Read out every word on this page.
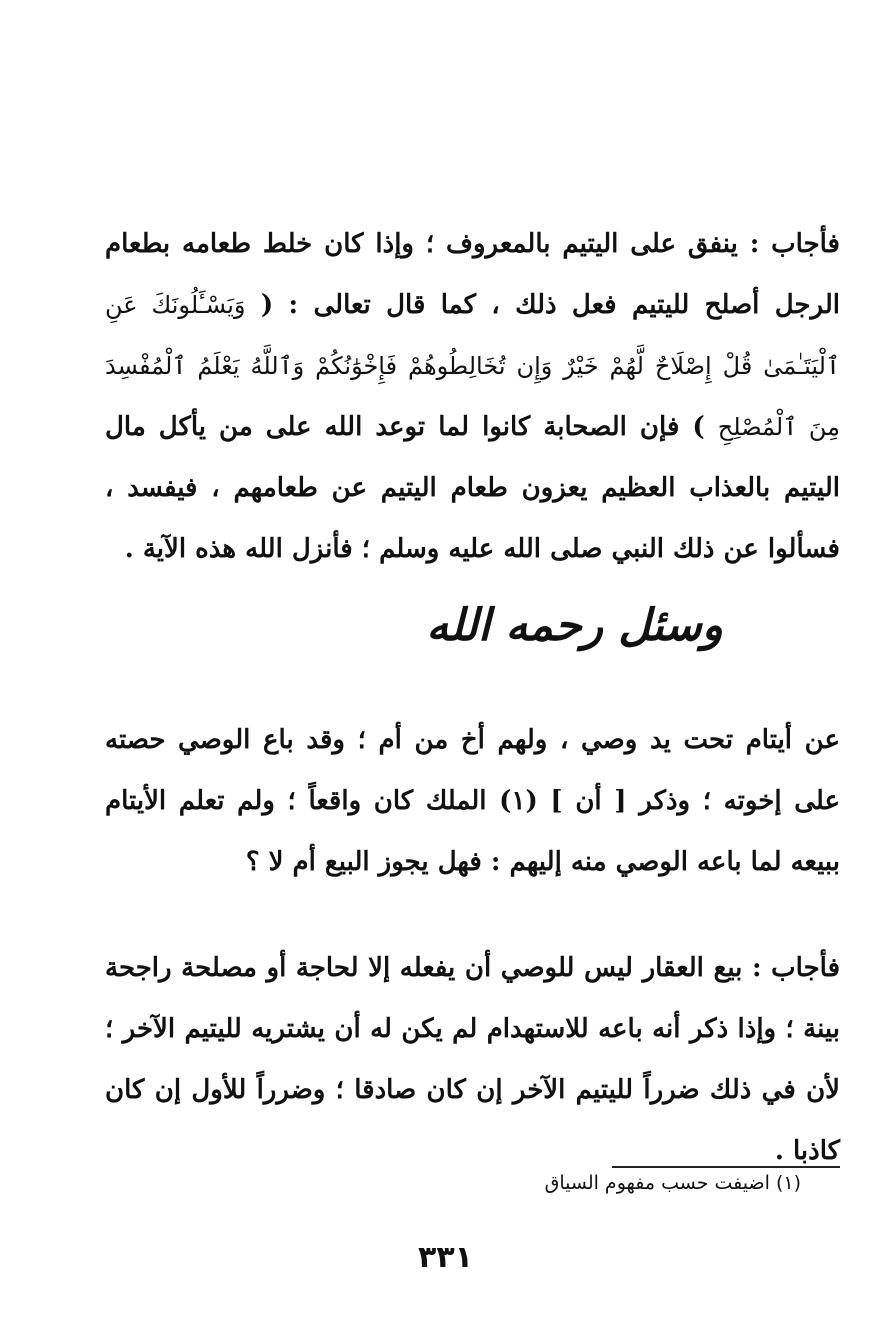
فأجاب : ينفق على اليتيم بالمعروف ؛ وإذا كان خلط طعامه بطعام الرجل أصلح لليتيم فعل ذلك ، كما قال تعالى : ( وَيَسْـَٔلُونَكَ عَنِ ٱلْيَتَـٰمَىٰ قُلْ إِصْلَاحٌ لَّهُمْ خَيْرٌ وَإِن تُخَالِطُوهُمْ فَإِخْوَٰنُكُمْ وَٱللَّهُ يَعْلَمُ ٱلْمُفْسِدَ مِنَ ٱلْمُصْلِحِ ) فإن الصحابة كانوا لما توعد الله على من يأكل مال اليتيم بالعذاب العظيم يعزون طعام اليتيم عن طعامهم ، فيفسد ، فسألوا عن ذلك النبي صلى الله عليه وسلم ؛ فأنزل الله هذه الآية .

وسئل رحمه الله

عن أيتام تحت يد وصي ، ولهم أخ من أم ؛ وقد باع الوصي حصته على إخوته ؛ وذكر [ أن ] (١) الملك كان واقعاً ؛ ولم تعلم الأيتام ببيعه لما باعه الوصي منه إليهم : فهل يجوز البيع أم لا ؟

فأجاب : بيع العقار ليس للوصي أن يفعله إلا لحاجة أو مصلحة راجحة بينة ؛ وإذا ذكر أنه باعه للاستهدام لم يكن له أن يشتريه لليتيم الآخر ؛ لأن في ذلك ضرراً لليتيم الآخر إن كان صادقا ؛ وضرراً للأول إن كان كاذبا .

(١) اضيفت حسب مفهوم السياق

٣٣١
